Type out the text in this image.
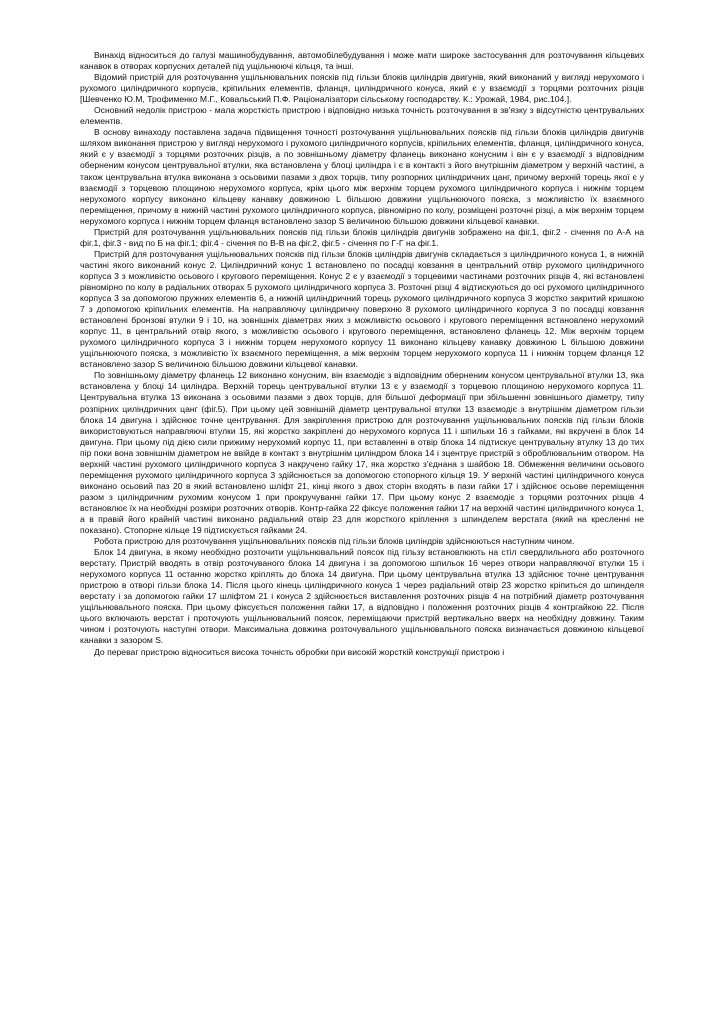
Винахід відноситься до галузі машинобудування, автомобілебудування і може мати широке застосування для розточування кільцевих канавок в отворах корпусних деталей під ущільнюючі кільця, та інші.

Відомий пристрій для розточування ущільнювальних поясків під гільзи блоків циліндрів двигунів, який виконаний у вигляді нерухомого і рухомого циліндричного корпусів, кріпильних елементів, фланця, циліндричного конуса, який є у взаємодії з торцями розточних різців [Шевченко Ю.М, Трофименко М.Г., Ковальський П.Ф. Раціоналізатори сільському господарству. К.: Урожай, 1984, рис.104.].

Основний недолік пристрою - мала жорсткість пристрою і відповідно низька точність розточування в зв'язку з відсутністю центрувальних елементів.

В основу винаходу поставлена задача підвищення точності розточування ущільнювальних поясків під гільзи блоків циліндрів двигунів шляхом виконання пристрою у вигляді нерухомого і рухомого циліндричного корпусів, кріпильних елементів, фланця, циліндричного конуса, який є у взаємодії з торцями розточних різців, а по зовнішньому діаметру фланець виконано конусним і він є у взаємодії з відповідним оберненим конусом центрувальної втулки, яка встановлена у блоці циліндра і є в контакті з його внутрішнім діаметром у верхній частині, а також центрувальна втулка виконана з осьовими пазами з двох торців, типу розпорних циліндричних цанг, причому верхній торець якої є у взаємодії з торцевою площиною нерухомого корпуса, крім цього між верхнім торцем рухомого циліндричного корпуса і нижнім торцем нерухомого корпусу виконано кільцеву канавку довжиною L більшою довжини ущільнюючого пояска, з можливістю їх взаємного переміщення, причому в нижній частині рухомого циліндричного корпуса, рівномірно по колу, розміщені розточні різці, а між верхнім торцем нерухомого корпуса і нижнім торцем фланця встановлено зазор S величиною більшою довжини кільцевої канавки.

Пристрій для розточування ущільнювальних поясків під гільзи блоків циліндрів двигунів зображено на фіг.1, фіг.2 - січення по А-А на фіг.1, фіг.3 - вид по Б на фіг.1; фіг.4 - січення по В-В на фіг.2, фіг.5 - січення по Г-Г на фіг.1.

Пристрій для розточування ущільнювальних поясків під гільзи блоків циліндрів двигунів складається з циліндричного конуса 1, в нижній частині якого виконаний конус 2. Циліндричний конус 1 встановлено по посадці ковзання в центральний отвір рухомого циліндричного корпуса 3 з можливістю осьового і кругового переміщення. Конус 2 є у взаємодії з торцевими частинами розточних різців 4, які встановлені рівномірно по колу в радіальних отворах 5 рухомого циліндричного корпуса 3. Розточні різці 4 відтискуються до осі рухомого циліндричного корпуса 3 за допомогою пружних елементів 6, а нижній циліндричний торець рухомого циліндричного корпуса 3 жорстко закритий кришкою 7 з допомогою кріпильних елементів. На направляючу циліндричну поверхню 8 рухомого циліндричного корпуса 3 по посадці ковзання встановлені бронзові втулки 9 і 10, на зовнішніх діаметрах яких з можливістю осьового і кругового переміщення встановлено нерухомий корпус 11, в центральний отвір якого, з можливістю осьового і кругового переміщення, встановлено фланець 12. Між верхнім торцем рухомого циліндричного корпуса 3 і нижнім торцем нерухомого корпусу 11 виконано кільцеву канавку довжиною L більшою довжини ущільнюючого пояска, з можливістю їх взаємного переміщення, а між верхнім торцем нерухомого корпуса 11 і нижнім торцем фланця 12 встановлено зазор S величиною більшою довжини кільцевої канавки.

По зовнішньому діаметру фланець 12 виконано конусним, він взаємодіє з відповідним оберненим конусом центрувальної втулки 13, яка встановлена у блоці 14 циліндра. Верхній торець центрувальної втулки 13 є у взаємодії з торцевою площиною нерухомого корпуса 11. Центрувальна втулка 13 виконана з осьовими пазами з двох торців, для більшої деформації при збільшенні зовнішнього діаметру, типу розпірних циліндричних цанг (фіг.5). При цьому цей зовнішній діаметр центрувальної втулки 13 взаємодіє з внутрішнім діаметром гільзи блока 14 двигуна і здійснює точне центрування. Для закріплення пристрою для розточування ущільнювальних поясків під гільзи блоків використовуються направляючі втулки 15, які жорстко закріплені до нерухомого корпуса 11 і шпильки 16 з гайками, які вкручені в блок 14 двигуна. При цьому під дією сили прижиму нерухомий корпус 11, при вставленні в отвір блока 14 підтискує центрувальну втулку 13 до тих пір поки вона зовнішнім діаметром не ввійде в контакт з внутрішнім циліндром блока 14 і зцентрує пристрій з оброблювальним отвором. На верхній частині рухомого циліндричного корпуса 3 накручено гайку 17, яка жорстко з'єднана з шайбою 18. Обмеження величини осьового переміщення рухомого циліндричного корпуса 3 здійснюється за допомогою стопорного кільця 19. У верхній частині циліндричного конуса виконано осьовий паз 20 в який встановлено шліфт 21, кінці якого з двох сторін входять в пази гайки 17 і здійснює осьове переміщення разом з циліндричним рухомим конусом 1 при прокручуванні гайки 17. При цьому конус 2 взаємодіє з торцями розточних різців 4 встановлює їх на необхідні розміри розточних отворів. Контр-гайка 22 фіксує положення гайки 17 на верхній частині циліндричного конуса 1, а в правій його крайній частині виконано радіальний отвір 23 для жорсткого кріплення з шпинделем верстата (який на кресленні не показано). Стопорне кільце 19 підтискується гайками 24.

Робота пристрою для розточування ущільнювальних поясків під гільзи блоків циліндрів здійснюються наступним чином.

Блок 14 двигуна, в якому необхідно розточити ущільнювальний поясок під гільзу встановлюють на стіл свердлильного або розточного верстату. Пристрій вводять в отвір розточуваного блока 14 двигуна і за допомогою шпильок 16 через отвори направляючої втулки 15 і нерухомого корпуса 11 останню жорстко кріплять до блока 14 двигуна. При цьому центрувальна втулка 13 здійснює точне центрування пристрою в отворі гільзи блока 14. Після цього кінець циліндричного конуса 1 через радіальний отвір 23 жорстко кріпиться до шпинделя верстату і за допомогою гайки 17 шліфтом 21 і конуса 2 здійснюється виставлення розточних різців 4 на потрібний діаметр розточування ущільнювального пояска. При цьому фіксується положення гайки 17, а відповідно і положення розточних різців 4 контргайкою 22. Після цього включають верстат і проточують ущільнювальний поясок, переміщаючи пристрій вертикально вверх на необхідну довжину. Таким чином і розточують наступні отвори. Максимальна довжина розточувального ущільнювального пояска визначається довжиною кільцевої канавки з зазором S.

До переваг пристрою відноситься висока точність обробки при високій жорсткій конструкції пристрою і
